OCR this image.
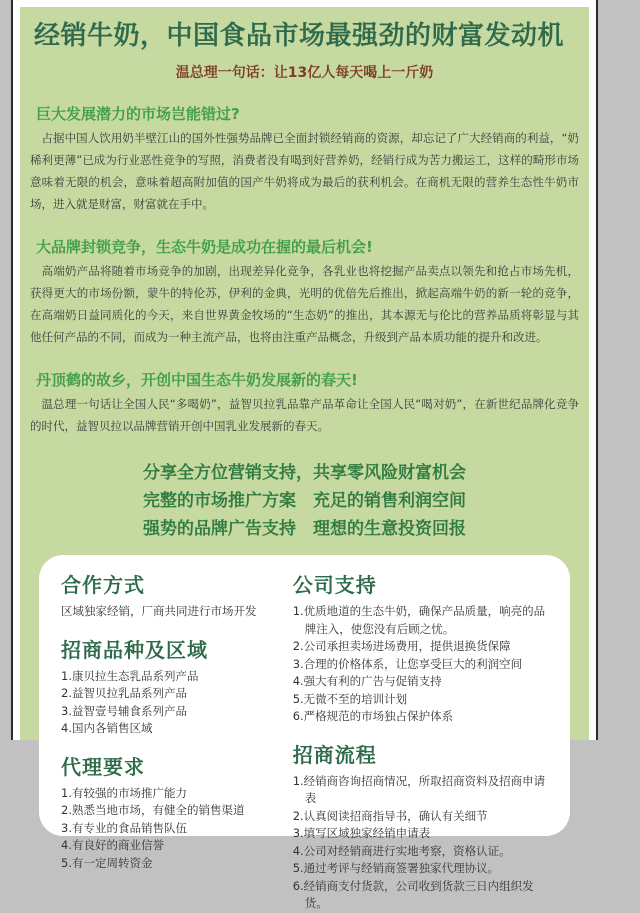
经销牛奶，中国食品市场最强劲的财富发动机
温总理一句话：让13亿人每天喝上一斤奶
巨大发展潜力的市场岂能错过?
占据中国人饮用奶半壁江山的国外性强势品牌已全面封锁经销商的资源，却忘记了广大经销商的利益，“奶稀利更薄”已成为行业恶性竞争的写照，消费者没有喝到好营养奶，经销行成为苦力搬运工，这样的畸形市场意味着无限的机会，意味着超高附加值的国产牛奶将成为最后的获利机会。在商机无限的营养生态性牛奶市场，进入就是财富，财富就在手中。
大品牌封锁竞争，生态牛奶是成功在握的最后机会!
高端奶产品将随着市场竞争的加剧，出现差异化竞争，各乳业也将挖掘产品卖点以领先和抢占市场先机，获得更大的市场份额，蒙牛的特伦苏，伊利的金典，光明的优倍先后推出，掀起高端牛奶的新一轮的竞争，在高端奶日益同质化的今天，来自世界黄金牧场的“生态奶”的推出，其本源无与伦比的营养品质将彰显与其他任何产品的不同，而成为一种主流产品，也将由注重产品概念，升级到产品本质功能的提升和改进。
丹顶鹤的故乡，开创中国生态牛奶发展新的春天!
温总理一句话让全国人民“多喝奶”，益智贝拉乳品靠产品革命让全国人民“喝对奶”，在新世纪品牌化竞争的时代，益智贝拉以品牌营销开创中国乳业发展新的春天。
分享全方位营销支持，共享零风险财富机会
完整的市场推广方案　充足的销售利润空间
强势的品牌广告支持　理想的生意投资回报
合作方式
区域独家经销，厂商共同进行市场开发
招商品种及区域
1.康贝拉生态乳品系列产品
2.益智贝拉乳品系列产品
3.益智壹号辅食系列产品
4.国内各销售区域
代理要求
1.有较强的市场推广能力
2.熟悉当地市场，有健全的销售渠道
3.有专业的食品销售队伍
4.有良好的商业信誉
5.有一定周转资金
公司支持
1.优质地道的生态牛奶，确保产品质量，响亮的品牌注入，使您没有后顾之忧。
2.公司承担卖场进场费用，提供退换货保障
3.合理的价格体系，让您享受巨大的利润空间
4.强大有利的广告与促销支持
5.无微不至的培训计划
6.严格规范的市场独占保护体系
招商流程
1.经销商咨询招商情况，所取招商资料及招商申请表
2.认真阅读招商指导书，确认有关细节
3.填写区域独家经销申请表
4.公司对经销商进行实地考察，资格认证。
5.通过考评与经销商签署独家代理协议。
6.经销商支付货款，公司收到货款三日内组织发货。
